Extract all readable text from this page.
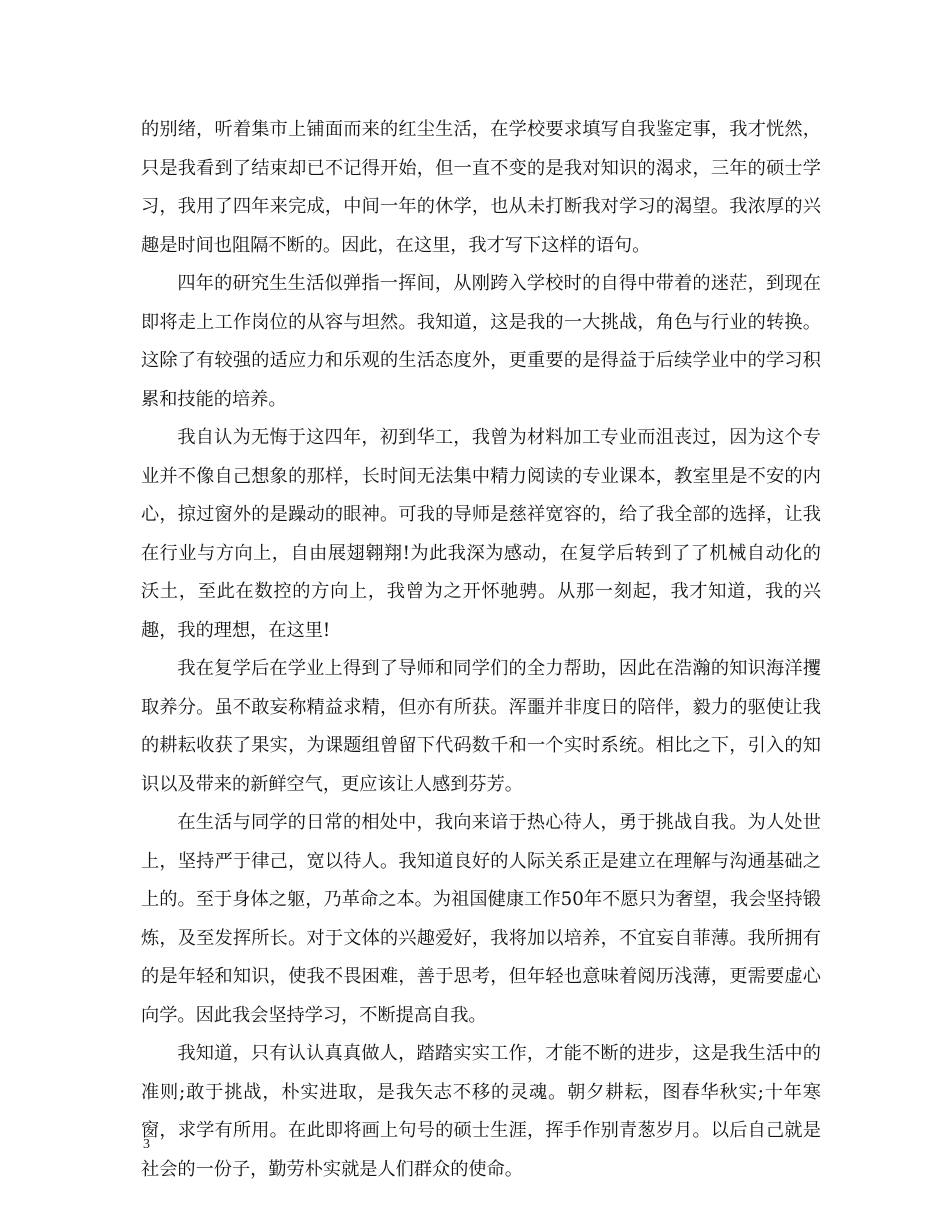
的别绪，听着集市上铺面而来的红尘生活，在学校要求填写自我鉴定事，我才恍然，只是我看到了结束却已不记得开始，但一直不变的是我对知识的渴求，三年的硕士学习，我用了四年来完成，中间一年的休学，也从未打断我对学习的渴望。我浓厚的兴趣是时间也阻隔不断的。因此，在这里，我才写下这样的语句。

四年的研究生生活似弹指一挥间，从刚跨入学校时的自得中带着的迷茫，到现在即将走上工作岗位的从容与坦然。我知道，这是我的一大挑战，角色与行业的转换。这除了有较强的适应力和乐观的生活态度外，更重要的是得益于后续学业中的学习积累和技能的培养。

我自认为无悔于这四年，初到华工，我曾为材料加工专业而沮丧过，因为这个专业并不像自己想象的那样，长时间无法集中精力阅读的专业课本，教室里是不安的内心，掠过窗外的是躁动的眼神。可我的导师是慈祥宽容的，给了我全部的选择，让我在行业与方向上，自由展翅翱翔!为此我深为感动，在复学后转到了了机械自动化的沃土，至此在数控的方向上，我曾为之开怀驰骋。从那一刻起，我才知道，我的兴趣，我的理想，在这里!

我在复学后在学业上得到了导师和同学们的全力帮助，因此在浩瀚的知识海洋攫取养分。虽不敢妄称精益求精，但亦有所获。浑噩并非度日的陪伴，毅力的驱使让我的耕耘收获了果实，为课题组曾留下代码数千和一个实时系统。相比之下，引入的知识以及带来的新鲜空气，更应该让人感到芬芳。

在生活与同学的日常的相处中，我向来谙于热心待人，勇于挑战自我。为人处世上，坚持严于律己，宽以待人。我知道良好的人际关系正是建立在理解与沟通基础之上的。至于身体之躯，乃革命之本。为祖国健康工作50年不愿只为奢望，我会坚持锻炼，及至发挥所长。对于文体的兴趣爱好，我将加以培养，不宜妄自菲薄。我所拥有的是年轻和知识，使我不畏困难，善于思考，但年轻也意味着阅历浅薄，更需要虚心向学。因此我会坚持学习，不断提高自我。

我知道，只有认认真真做人，踏踏实实工作，才能不断的进步，这是我生活中的准则;敢于挑战，朴实进取，是我矢志不移的灵魂。朝夕耕耘，图春华秋实;十年寒窗，求学有所用。在此即将画上句号的硕士生涯，挥手作别青葱岁月。以后自己就是社会的一份子，勤劳朴实就是人们群众的使命。

3
